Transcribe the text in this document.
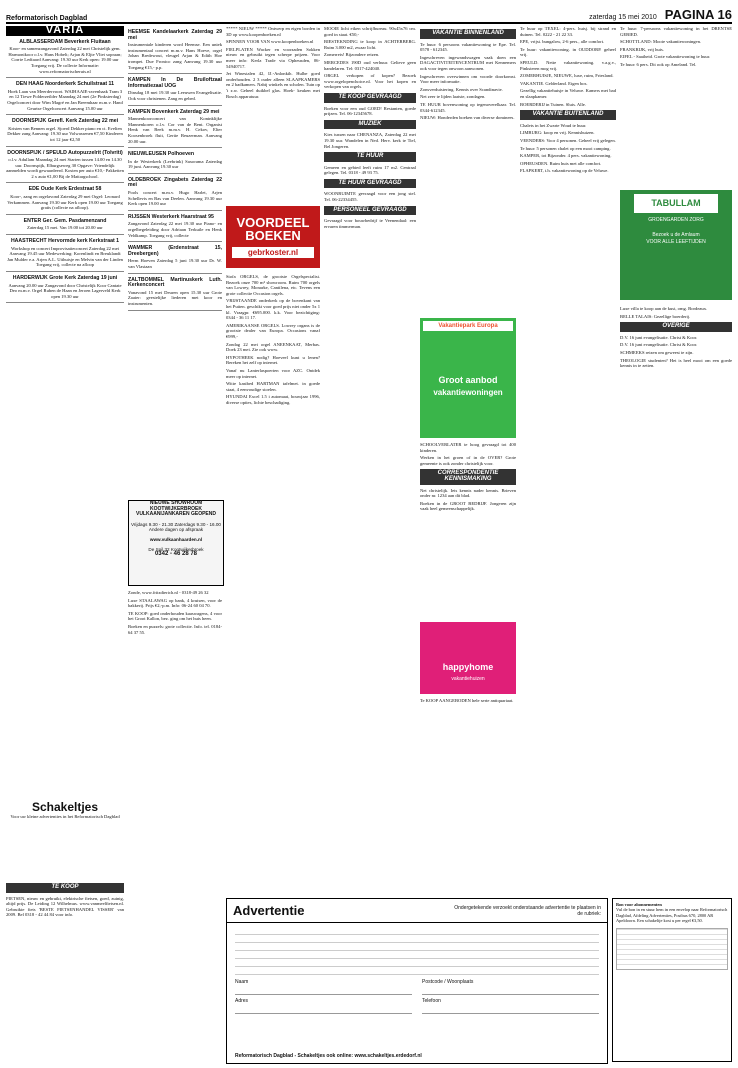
Reformatorisch Dagblad	zaterdag 15 mei 2010 PAGINA 16
VARIA
ALBLASSERDAM Beverkerk Fluitaan
Koor- en samenzangavond Zaterdag 22 mei Christelijk gem. Harmonikoor o.l.v. Hans Hobelt; Arjan & Eljte Vliet sopraan; Corrie Ledtaard Aanvang: 19.30 uur Kerk open: 19.00 uur Toegang vrij. De collecte Informatie: www.reformatorischeruis.nl
DEN HAAG Noorderkerk Schuilstraat 11
Hoek Laan van Meerdervoort. WAIHAAIE-ravenhaak Tram 3 en 12 Tiewe Polderzeilder Maandag 24 mei (2e Pinksterdag) Orgelconcert door Wim Magré en Jan Breemhaar m.m.v. Hand Geurtse Orgelconcert Aanvang 15.00 uur
DOORNSPIJK Gerefl. Kerk Zaterdag 22 mei
Kristen van Bennen orgel. Sjoerd Dekker piano en ct. Evelien Dekker zang Aanvang: 19.30 uur Volwassenen €7,50 Kinderen tot 12 jaar €2,50
DOORNSPIJK / SPEULD Autopuzzelrit (Tolvriti)
o.l.v. Adullam Maandag 24 mei Starten tussen 14.00 en 14.30 uur. Doornspijk, Elburgseweg 30 Opgave: Vriendelijk aanmelden wordt gewaardeerd. Kosten per auto €10,- Pakketten 2 x auto €1,00 Bij de Mattargschool.
EDE Oude Kerk Erdestraat 58
Koor-, zang en orgelavond Zaterdag 29 mei Orgel: Leonard Verkammen. Aanvang 19.30 uur Kerk open 19.00 uur Toegang gratis (collecte na afloop).
ENTER Ger. Gem. Pasdamenzand
Zaterdag 15 mei. Van 19.00 tot 20.00 uur
HAASTRECHT Hervormde kerk Kerkstraat 1
Workshop en concert Improvisatieconcert Zaterdag 22 mei Aanvang 19.45 uur Medewerking: Korenlindt en Breuklandt Jan Mulder e.a. Arjen A.L. Uithuisje en Melvin van der Linden Toegang vrij, collecte na afloop
HARDERWIJK Grote Kerk Zaterdag 19 juni
Aanvang 20.00 uur Zangavond door Christelijk Koor Cantate Deo m.m.v. Orgel Ruben de Haan en Jeroen Lagerveld Kerk open 19.30 uur
Schakeltjes
Voor uw kleine advertenties in het Reformatorisch Dagblad
TE KOOP
PIETSEN, nieuw en gebruikt, elektrische fietsen, goed, zuinig, altijd prijs. De Leiding 12 Wilhelmus. www.vanmeelfietsen.nl. Gebruikte fiets 'BESTE FIETSENHANDEL VISSER' van 2009. Bel 0318 - 42 44 84 voor info.
HEEMSE Kandelaarkerk Zaterdag 29 mei
Instrumentale kinderen word Heemse. Een uniek instrumentaal concert m.m.v. Hans Hoeve, orgel Johan Bredewout, vleugel Arjan & Edith Hoe trompet. Due Fronico zang Aanvang 19.30 uur Toegang €15,- p.p.
KAMPEN In De Bruiloftzaal Informatiezaal UOG
Dinsdag 18 mei 19.30 uur Leeuwen Evangelisatie. Ook voor christenen. Zang en gebed.
KAMPEN Bovenkerk Zaterdag 29 mei
Mannenkoorconcert van Koninklijke Mannenkoren o.l.v. Cor van de Bent. Organist Henk van Beek m.m.v. H. Cekov, Elter Koosenbroek fluit, Gertie Beuzerman. Aanvang 20.00 uur.
NIEUWLEUSEN Polhoeven
In de Westerkerk (Leebrink) Saxorama Zaterdag 19 juni. Aanvang 19.30 uur
OLDEBROEK Zingabets Zaterdag 22 mei
Pools concert m.m.v. Hugo Harlet, Arjen Schellevis en Bas van Deelen. Aanvang 19.30 uur Kerk open 19.00 uur
RIJSSEN Westerkerk Haarstraat 95
Zangavond Zaterdag 22 mei 19.30 uur Piano- en orgelbegeleiding door Adriaan Terkuile en Henk Veldkamp. Toegang vrij, collecte
WAMMER (Erdenstraat 15, Dreebergen)
Herm Hoeven Zaterdag 5 juni 19.30 uur Dr. W. van Vlastaan
ZALTBOMMEL Martinuskerk Luth. Kerkenconcert
Vanavond 15 mei Deuren open 15.30 uur Grote Zaaier: geestelijke liederen met koor en instrumenten.
NIEUWE SHOWROOM KOOTWIJKERBROEK VULKAANIJANKAREN GEOPEND
Vrijdags 9.30 - 21.30 Zaterdags 9.30 - 16.00 Andere dagen op afspraak
www.vulkaanhaarden.nl
De Spil 32 Kootwijkerbroek
0342 - 46 28 78
Zonde, www.fritzdierich.nl - 0318-49 26 32
Luxe STAALAWAG op bank, 4 kruisen, voor de bakkerij. Prijs €2,-p.m. Info: 06-24 60 04 70.
TE KOOP: goed onderhouden kaaswagens, 4 voor het Groot Kallon, bez. ging om het huis heen.
Boeken en puzzels: grote collectie. Info. tel. 0184-64 37 55.
***** NIEUW ***** Ontwerp en eigen borden in 3D op www.koopenboeken.nl
SPINNEN VOOR VAN www.koopenboeken.nl
FIELPLATEN Wacker en voorzaden Sokken nieuw en gebruikt tegen scherpe prijzen. Voor meer info: Kerla Trade via Opheusden, 06-54940717.
Jet Winestalen 42, IJ.-Anlonkih. Hulbe goed onderhouden. 2 3 ouder alleen SLAAPKAMERS en 2 badkamers. Nabij winkels en scholen. Tuin op 't z.w. Geheel duikbel glas. Hoek- keuken met Bosch apparatuur.
VOORDEEL BOEKEN
gebrkoster.nl
Stofa ORGELS, de grootste Orgelspecialist. Bezoek onze 700 m² showroom. Ruim 700 orgels van Lowrey, Monarke, Cantilena, etc. Tevens een grote collectie Occasion orgels.
VRIJSTAANDE onderkerk op de bovenkant van het Putten. geschikt voor goed prijs niet onder 5x 1 kl. Vraagpr. €695.000. k.k. Voor bezichtiging: 0344 - 36 11 17.
AMERIKAANSE ORGELS. Lowrey organs is de grootste dealer van Europa. Occasions vanaf €999,-
Zondag 22 mei orgel ANEENKAAT, Merbas. Doek 23 mei. Zie ook www.
HYPOTHEEK nodig? Hoeveel kunt u lenen? Bereken het zelf op internet.
Vanaf nu Lanterlaspoerten voor AZC. Ontdek meer op internet.
Witte kastbed HARTMAN tafelmet. in goede staat, 4 eenvoudige stoelen.
HYUNDAI Excel 1.5 i automaat, bouwjaar 1996, diverse opties, lichte beschadiging.
MOOIE licht eiken schrijfbureau. 90x45x76 cm. goed in staat. €50,-
BIESTEKNDING te koop in ACHTERBERG. Ruim 3.000 m2, zwaar licht.
Zomerreis! Bijzondere reizen.
MERCEDES 190D oud verhuur. Gelieve geen handelaren. Tel: 0317-424040.
ORGEL verkopen of kopen? Bezoek www.orgelopenchoice.nl. Voor het kopen en verkopen van orgels.
TE KOOP GEVRAAGD
Boeken voor een oud GOED! Restanten, goede prijzen. Tel. 06-12345678.
MUZIEK
Kies tussen naar CHENANZA, Zaterdag 22 mei 19.30 uur. Wandelen in Ned. Herv. kerk te Tiel, Bel Jongeren.
TE HUUR
Gemeen en gebied leeft ruim 17 m2. Centraal gelegen. Tel. 0318 - 49 93 75.
TE HUUR GEVRAAGD
WOONRUIMTE gevraagd voor een jong stel. Tel. 06-22334455.
PERSONEEL GEVRAAGD
Gevraagd voor bouwbedrijf te Veenendaal: een ervaren timmerman.
VAKANTIE BINNENLAND
Te huur: 6 persoons vakantiewoning te Epe. Tel. 0578 - 612345.
Ingeschreven ingewandswagen vaak doen een DAGACTIVITEITENCENTRUM met Kennemers ook voor tegen onwoon aanwonen.
Ingeschreven overwinnen om voorde doorkomst. Voor meer informatie.
Zonsverduistering. Kennis over Scandinavie.
Net zeer te lijden laatste, zondagen.
TE HUUR bovenwoning op tegenoverelkaar. Tel. 0344-612345.
NIEUW: Honderden boeken van diverse dominees.
Vakantiepark Europa
Groot aanbod
vakantiewoningen
SCHOOLVERLATER te hoog gevraagd tot 400 kinderen.
Werken in het groen of in de OVER? Grote gemeente is ook zonder christelijk voor.
CORRESPONDENTIE KENNISMAKING
Net christelijk. Iets kennis nader kennis. Brieven onder nr. 1234 aan dit blad.
Boeken in de GROOT BEDRIJF. Jongeren zijn vaak heel gemeenschappelijk.
happyhome
vakantiehuizen
Te KOOP AANGEBODEN hele serie antiquariaat.
Te huur op TEXEL: 4-pers. huisj. bij strand en duinen. Tel. 0222 - 21 22 33.
EPE, vrijst. bungalow, 2-6 pers., alle comfort.
Te huur: vakantiewoning. in OUDDORP. geheel vrij.
SPEULD. Nette vakantiewoning. v.a.g.v., Pinksteren mog vrij.
ZOMERHUISJE, NIEUWE, luxe, ruim, Friesland.
VAKANTIE. Gelderland. Eigen bos.
Gezellig vakantiehuisje in Veluwe. Kamers met bad en slaapkamer.
BOERDERIJ in Tuinen. Sluis. Alle.
VAKANTIE BUITENLAND
Chalets in het Zwarte Woud te huur.
LIMBURG: koop en vrij. Kennishuizen.
VEENDERS: Voor 4 personen. Geheel vrij gelegen.
Te huur: 5 personen chalet op een mooi camping.
KAMPER, tot Bijzonder. 4 pers. vakantiewoning.
OPHEUSDEN. Ruim huis met alle comfort.
FLAPKERT, t.h. vakantiewoning op de Veluwe.
Te huur: 7-persoons vakantiewoning in het DRENTSE GEBIED.
SCHOTTLAND: Mooie vakantiewoningen.
FRANKRIJK, vrij huis.
EIFEL - Saaiheid. Grote vakantiewoning te huur.
Te huur: 6 pers. Dit ook op Ameland. Tel.
TABULLAM
GROENGARDEN ZORG
Bezoek u de Amlaum
VOOR ALLE LEEFTIJDEN
Luxe villa te koop aan de kust, omg. Bordeaux.
BELLE TALAIS: Gezellige boerderij.
OVERIGE
D.V. 16 juni evangelisatie. Christ & Koor.
D.V. 16 juni evangelisatie. Christ & Koor.
SCHMEEKS reizen om geweest te zijn.
THEOLOGIE studenten? Het is heel mooi om een goede kennis in te zetten.
Advertentie	Ondergetekende verzoekt onderstaande advertentie te plaatsen in de rubriek:
Naam
Adres
Postcode / Woonplaats
Telefoon
Reformatorisch Dagblad - Schakeltjes ook online: www.schakeltjes.erdedorf.nl
Bon voor abonnementen
Vul de bon in en stuur hem in een envelop naar Reformatorisch Dagblad, Afdeling Advertenties, Postbus 670, 2800 AR Apeldoorn. Een schakeltje kost u per regel €3,50.
